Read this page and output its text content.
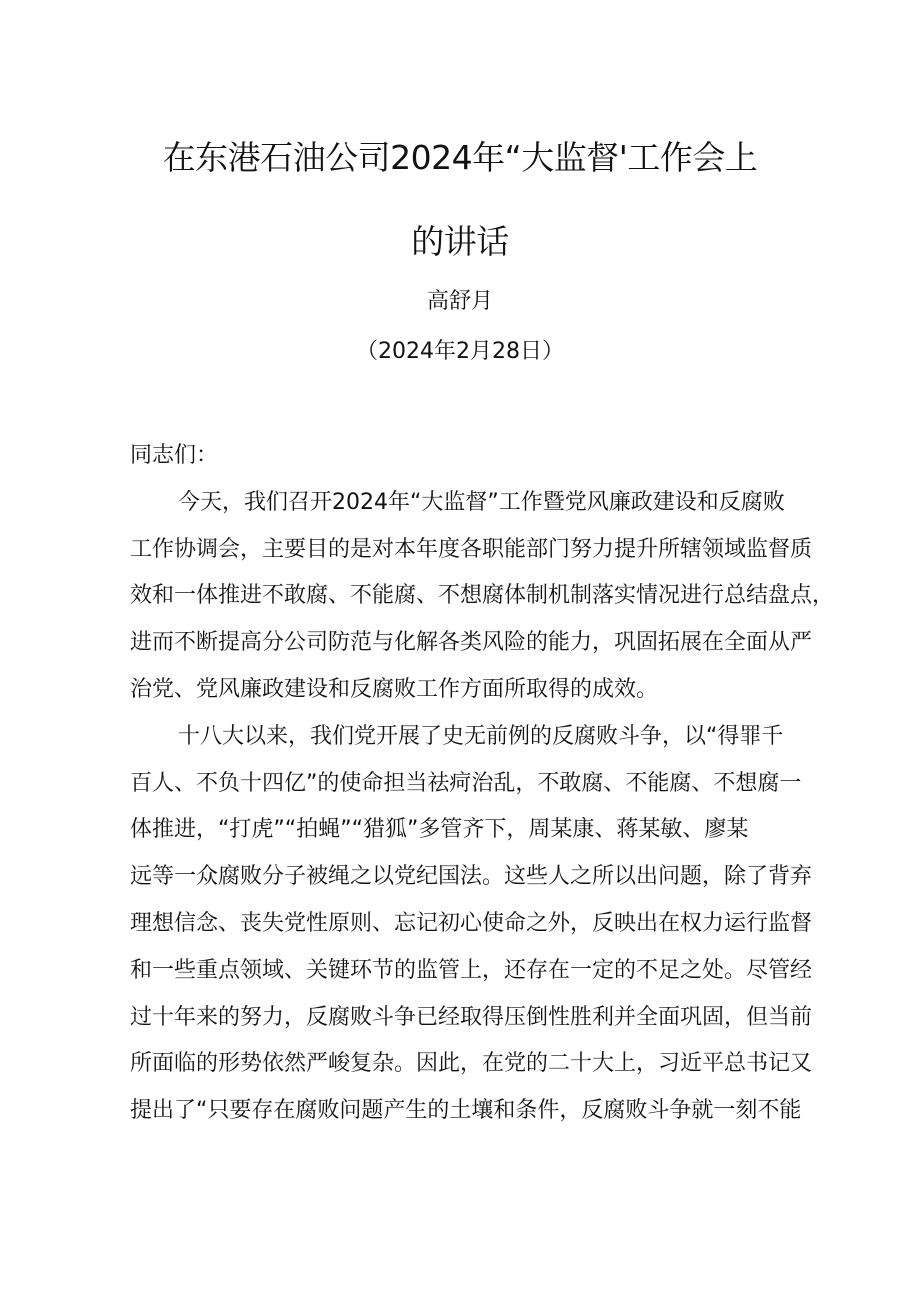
在东港石油公司2024年“大监督'工作会上
的讲话
高舒月
（2024年2月28日）

同志们：

今天，我们召开2024年“大监督”工作暨党风廉政建设和反腐败
工作协调会，主要目的是对本年度各职能部门努力提升所辖领域监督质
效和一体推进不敢腐、不能腐、不想腐体制机制落实情况进行总结盘点，
进而不断提高分公司防范与化解各类风险的能力，巩固拓展在全面从严
治党、党风廉政建设和反腐败工作方面所取得的成效。

十八大以来，我们党开展了史无前例的反腐败斗争，以“得罪千
百人、不负十四亿”的使命担当祛疴治乱，不敢腐、不能腐、不想腐一
体推进，“打虎”“拍蝇”“猎狐”多管齐下，周某康、蒋某敏、廖某
远等一众腐败分子被绳之以党纪国法。这些人之所以出问题，除了背弃
理想信念、丧失党性原则、忘记初心使命之外，反映出在权力运行监督
和一些重点领域、关键环节的监管上，还存在一定的不足之处。尽管经
过十年来的努力，反腐败斗争已经取得压倒性胜利并全面巩固，但当前
所面临的形势依然严峻复杂。因此，在党的二十大上，习近平总书记又
提出了“只要存在腐败问题产生的土壤和条件，反腐败斗争就一刻不能
